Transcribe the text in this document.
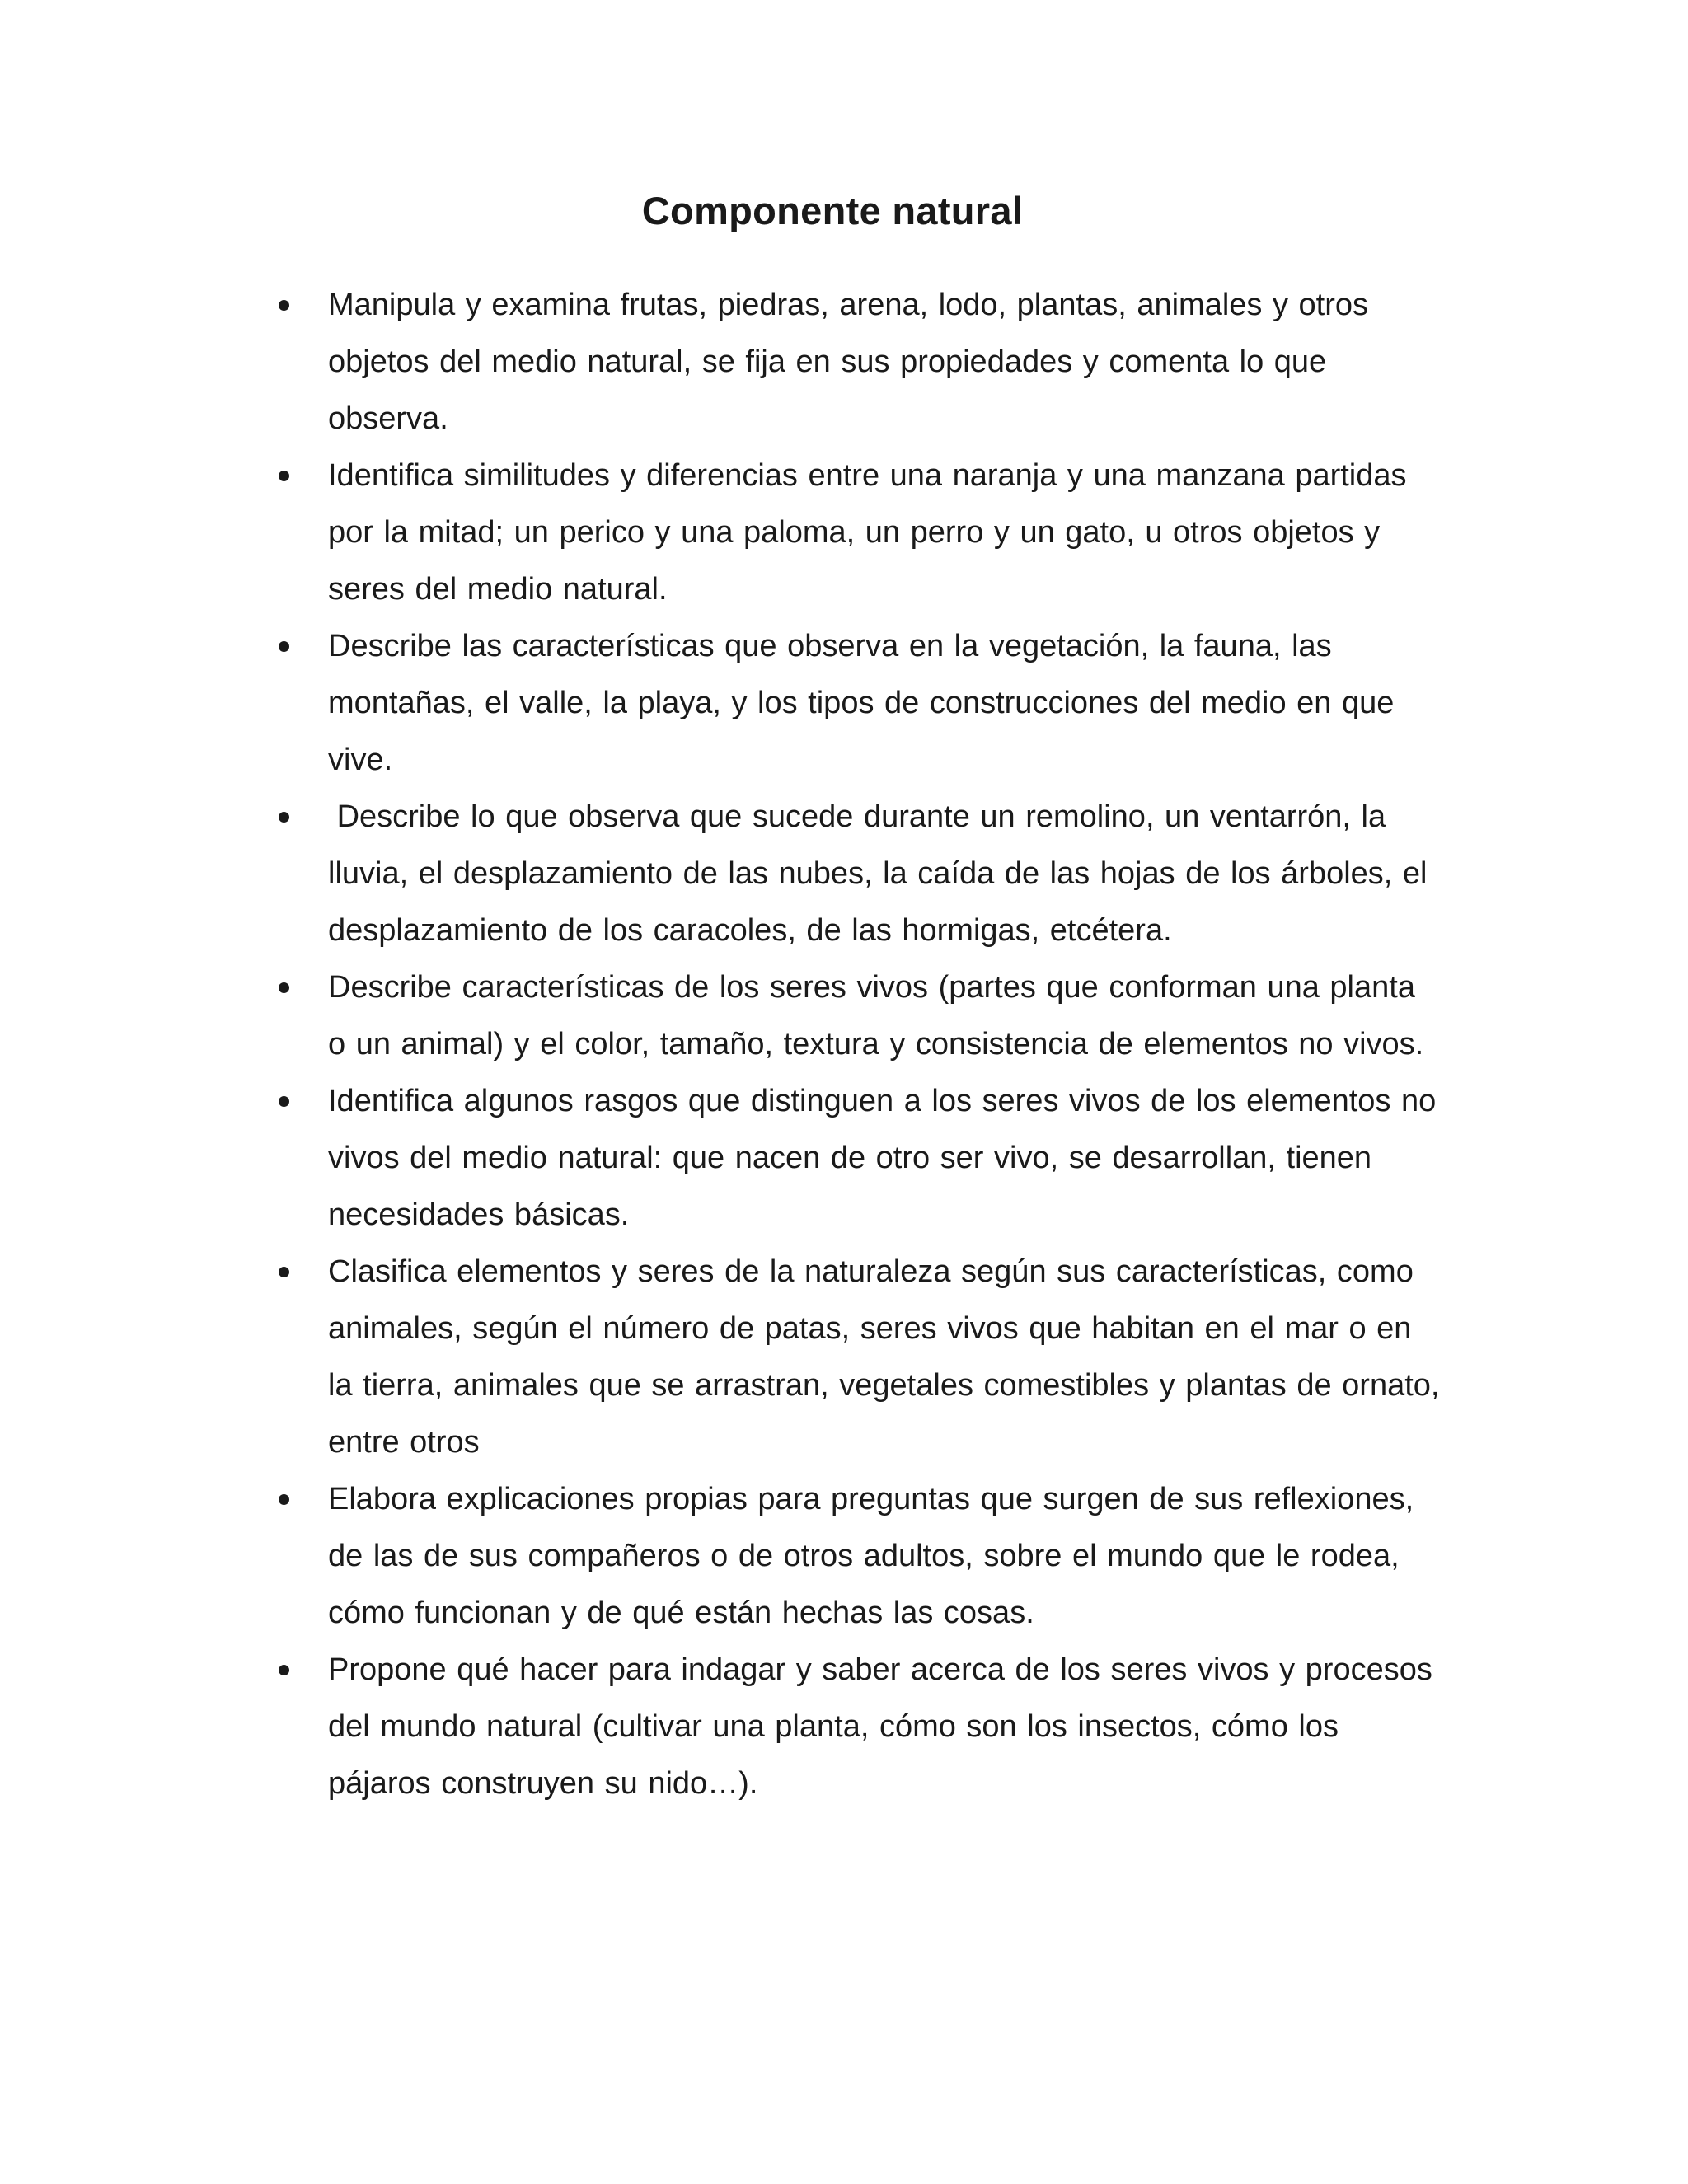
Componente natural
Manipula y examina frutas, piedras, arena, lodo, plantas, animales y otros objetos del medio natural, se fija en sus propiedades y comenta lo que observa.
Identifica similitudes y diferencias entre una naranja y una manzana partidas por la mitad; un perico y una paloma, un perro y un gato, u otros objetos y seres del medio natural.
Describe las características que observa en la vegetación, la fauna, las montañas, el valle, la playa, y los tipos de construcciones del medio en que vive.
Describe lo que observa que sucede durante un remolino, un ventarrón, la lluvia, el desplazamiento de las nubes, la caída de las hojas de los árboles, el desplazamiento de los caracoles, de las hormigas, etcétera.
Describe características de los seres vivos (partes que conforman una planta o un animal) y el color, tamaño, textura y consistencia de elementos no vivos.
Identifica algunos rasgos que distinguen a los seres vivos de los elementos no vivos del medio natural: que nacen de otro ser vivo, se desarrollan, tienen necesidades básicas.
Clasifica elementos y seres de la naturaleza según sus características, como animales, según el número de patas, seres vivos que habitan en el mar o en la tierra, animales que se arrastran, vegetales comestibles y plantas de ornato, entre otros
Elabora explicaciones propias para preguntas que surgen de sus reflexiones, de las de sus compañeros o de otros adultos, sobre el mundo que le rodea, cómo funcionan y de qué están hechas las cosas.
Propone qué hacer para indagar y saber acerca de los seres vivos y procesos del mundo natural (cultivar una planta, cómo son los insectos, cómo los pájaros construyen su nido…).
